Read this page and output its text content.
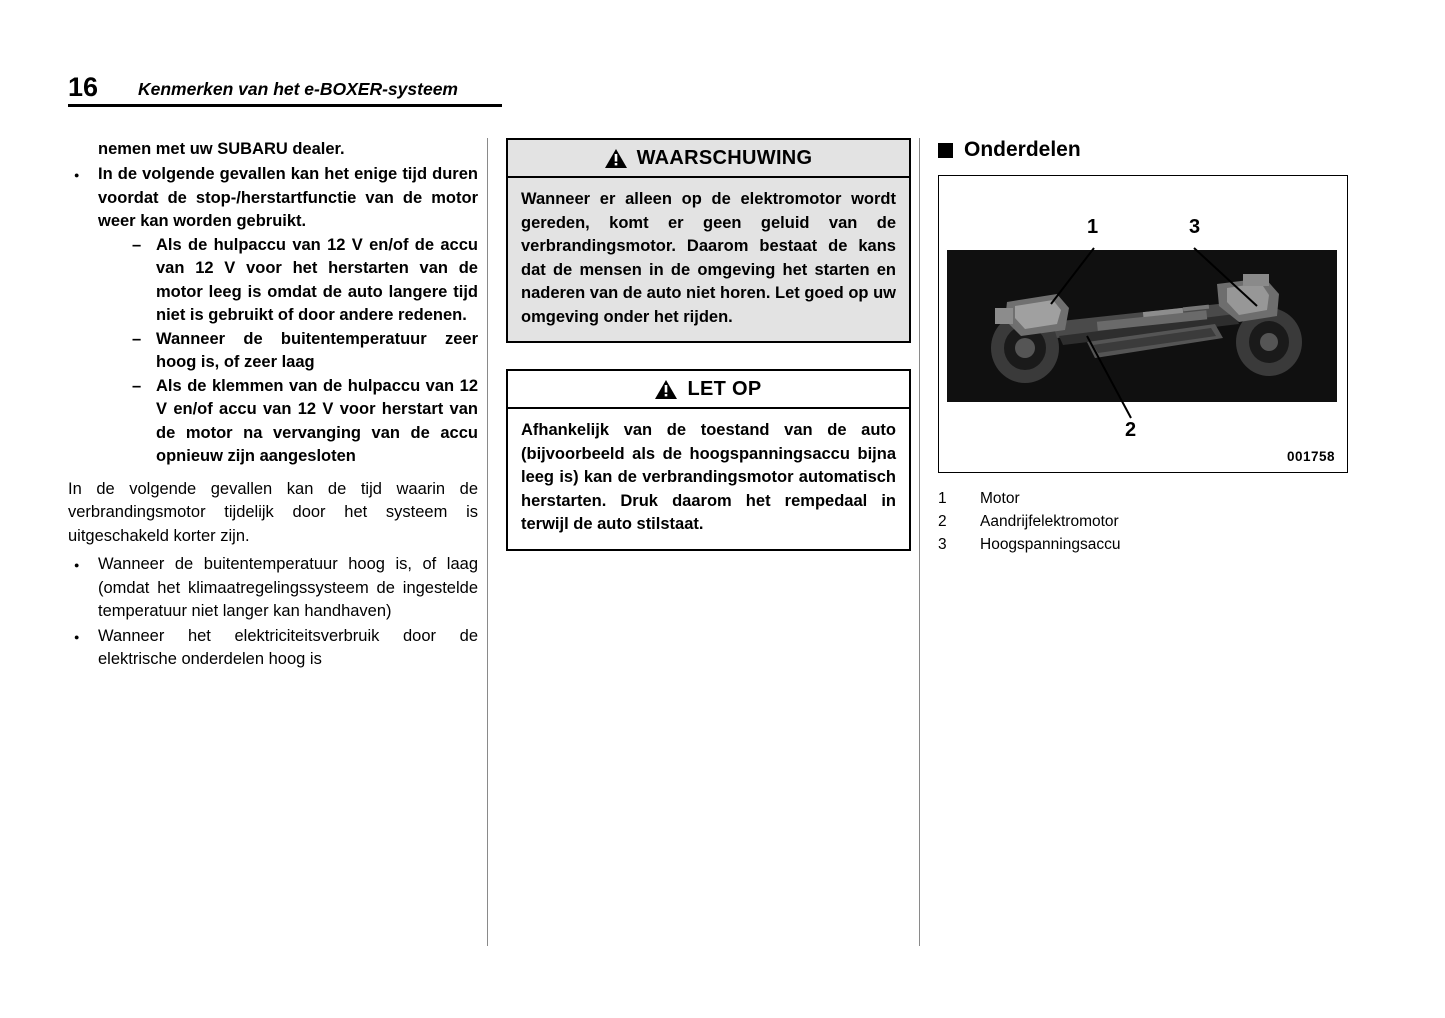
16 Kenmerken van het e-BOXER-systeem
nemen met uw SUBARU dealer.
● In de volgende gevallen kan het enige tijd duren voordat de stop-/herstartfunctie van de motor weer kan worden gebruikt.
– Als de hulpaccu van 12 V en/of de accu van 12 V voor het herstarten van de motor leeg is omdat de auto langere tijd niet is gebruikt of door andere redenen.
– Wanneer de buitentemperatuur zeer hoog is, of zeer laag
– Als de klemmen van de hulpaccu van 12 V en/of accu van 12 V voor herstart van de motor na vervanging van de accu opnieuw zijn aangesloten
In de volgende gevallen kan de tijd waarin de verbrandingsmotor tijdelijk door het systeem is uitgeschakeld korter zijn.
● Wanneer de buitentemperatuur hoog is, of laag (omdat het klimaatregelingssysteem de ingestelde temperatuur niet langer kan handhaven)
● Wanneer het elektriciteitsverbruik door de elektrische onderdelen hoog is
WAARSCHUWING
Wanneer er alleen op de elektromotor wordt gereden, komt er geen geluid van de verbrandingsmotor. Daarom bestaat de kans dat de mensen in de omgeving het starten en naderen van de auto niet horen. Let goed op uw omgeving onder het rijden.
LET OP
Afhankelijk van de toestand van de auto (bijvoorbeeld als de hoogspanningsaccu bijna leeg is) kan de verbrandingsmotor automatisch herstarten. Druk daarom het rempedaal in terwijl de auto stilstaat.
Onderdelen
1	3
2
001758
1	Motor
2	Aandrijfelektromotor
3	Hoogspanningsaccu
